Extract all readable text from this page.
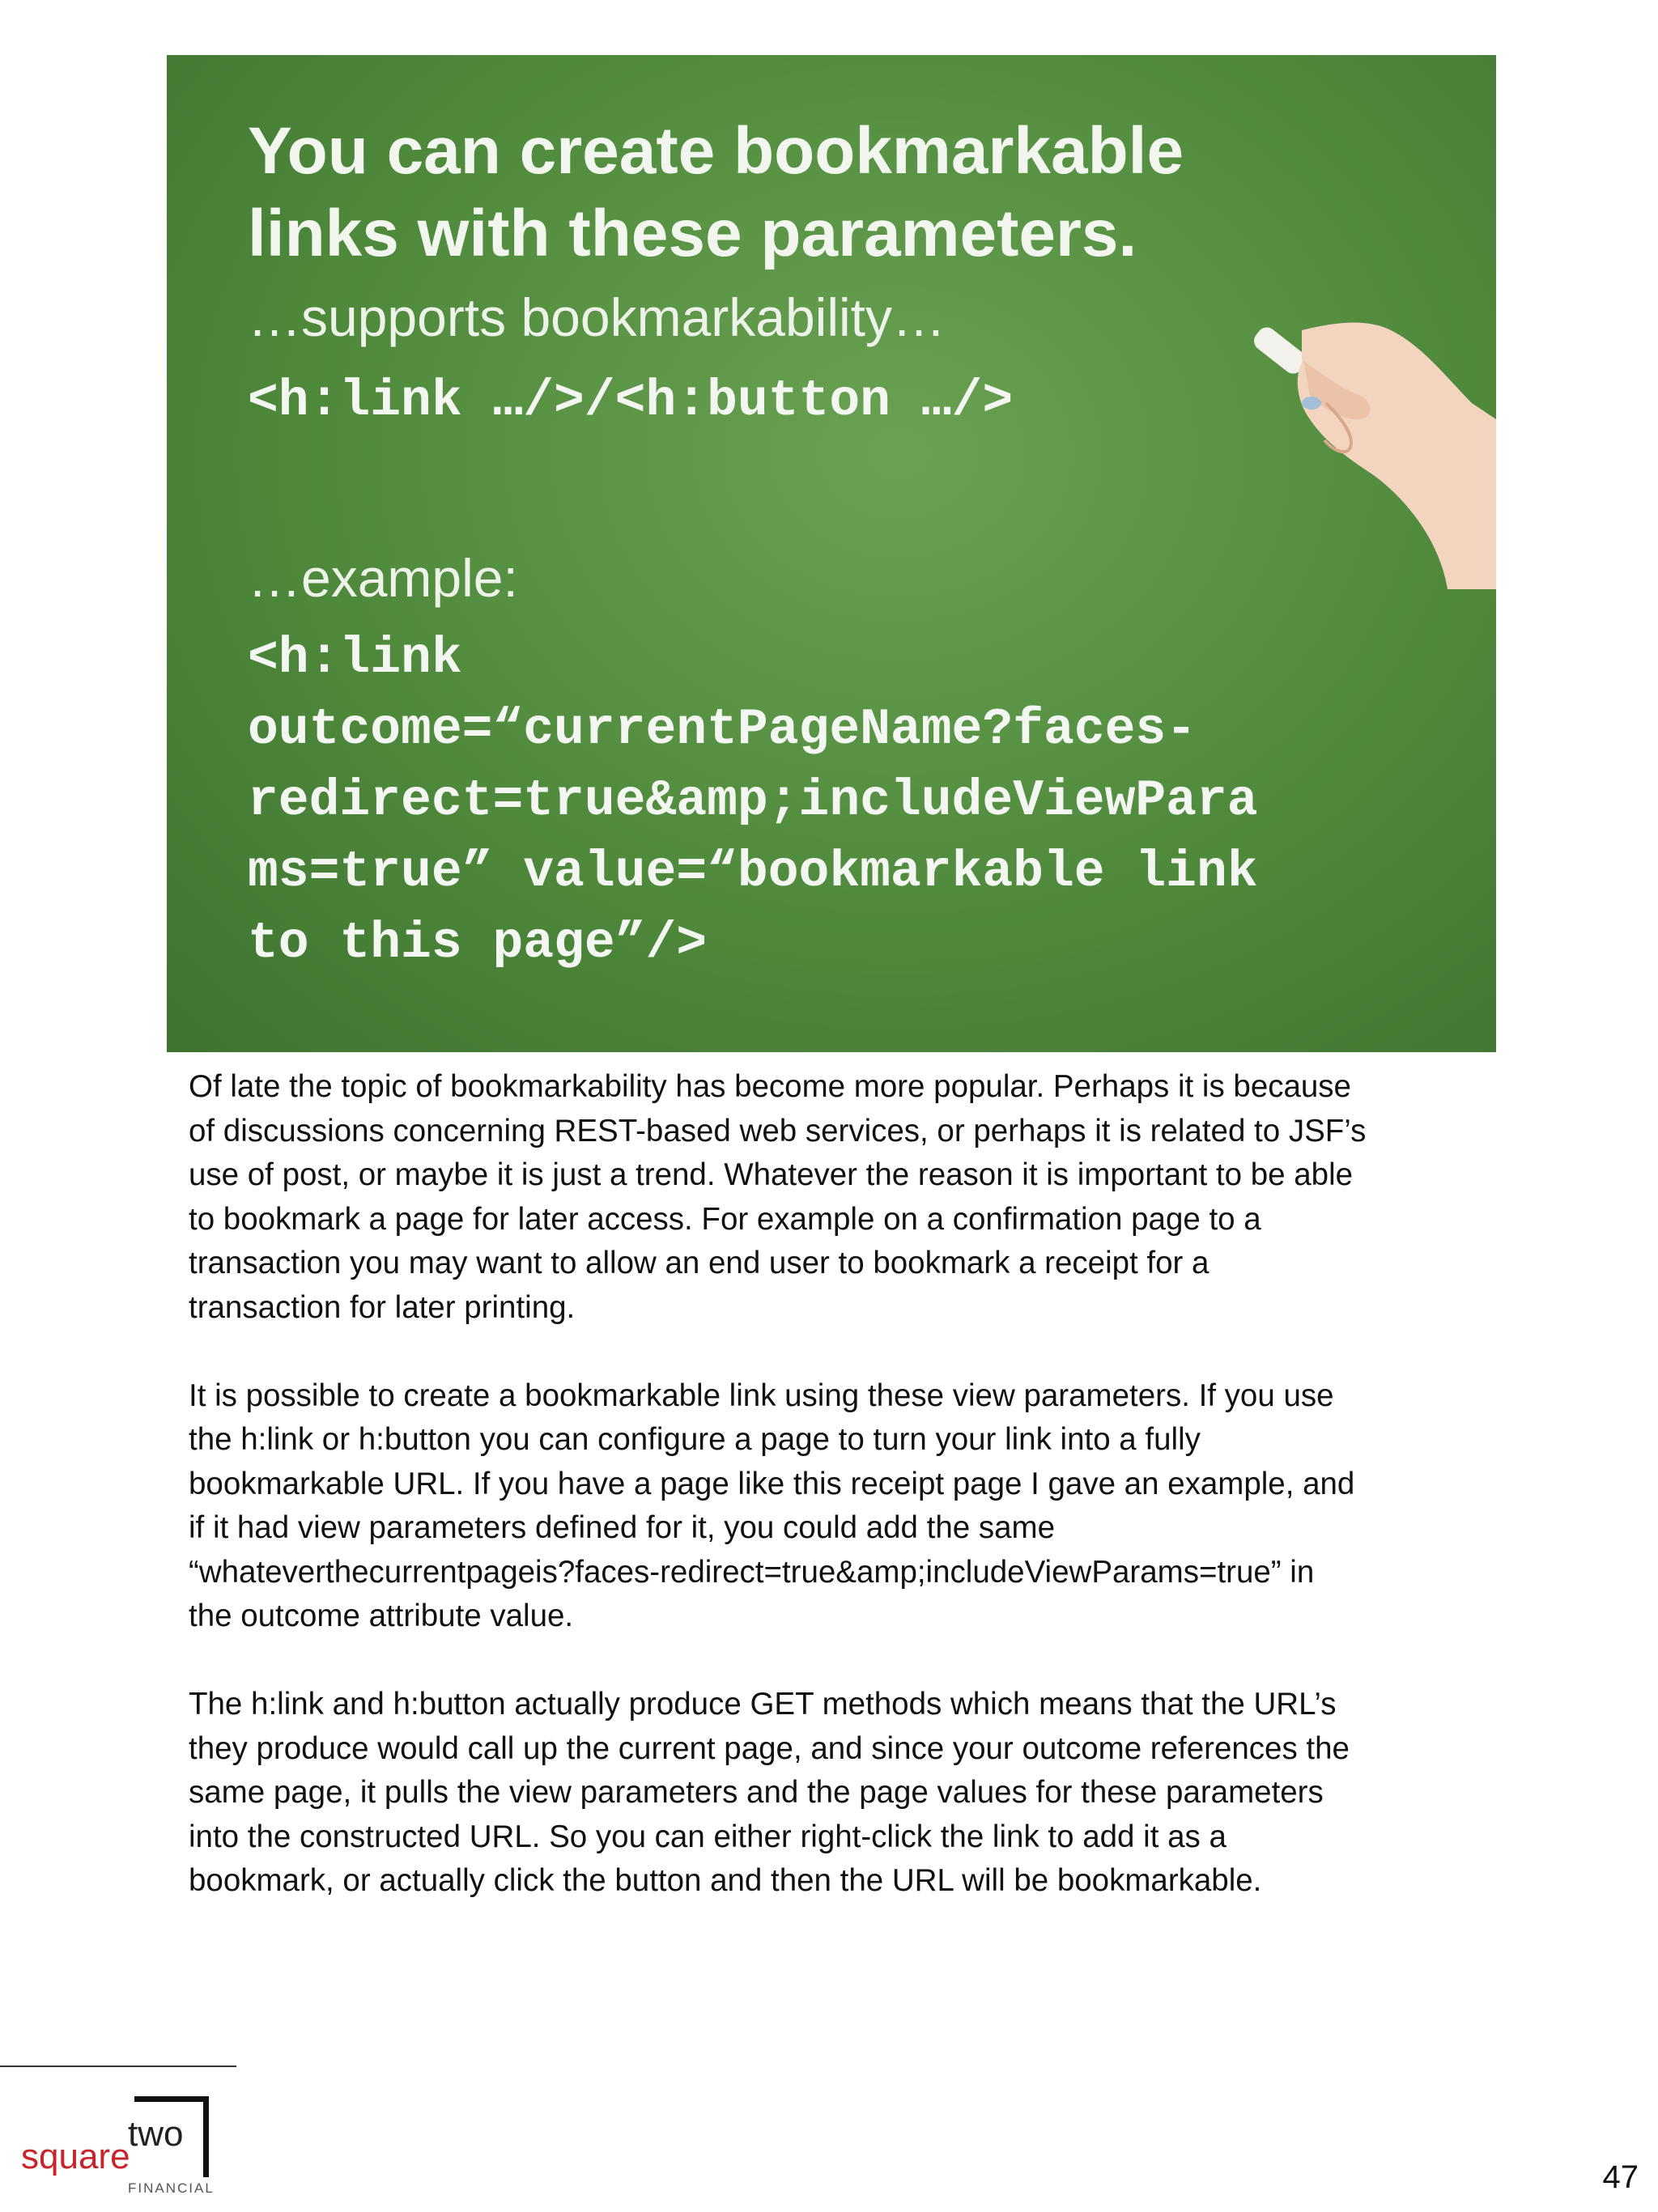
You can create bookmarkable
links with these parameters.
…supports bookmarkability…
<h:link …/>/<h:button …/>
…example:
<h:link
outcome=“currentPageName?faces-
redirect=true&amp;includeViewPara
ms=true” value=“bookmarkable link
to this page”/>

Of late the topic of bookmarkability has become more popular. Perhaps it is because
of discussions concerning REST-based web services, or perhaps it is related to JSF’s
use of post, or maybe it is just a trend. Whatever the reason it is important to be able
to bookmark a page for later access. For example on a confirmation page to a
transaction you may want to allow an end user to bookmark a receipt for a
transaction for later printing.

It is possible to create a bookmarkable link using these view parameters. If you use
the h:link or h:button you can configure a page to turn your link into a fully
bookmarkable URL. If you have a page like this receipt page I gave an example, and
if it had view parameters defined for it, you could add the same
“whateverthecurrentpageis?faces-redirect=true&amp;includeViewParams=true” in
the outcome attribute value.

The h:link and h:button actually produce GET methods which means that the URL’s
they produce would call up the current page, and since your outcome references the
same page, it pulls the view parameters and the page values for these parameters
into the constructed URL. So you can either right-click the link to add it as a
bookmark, or actually click the button and then the URL will be bookmarkable.

square
two
FINANCIAL	47
